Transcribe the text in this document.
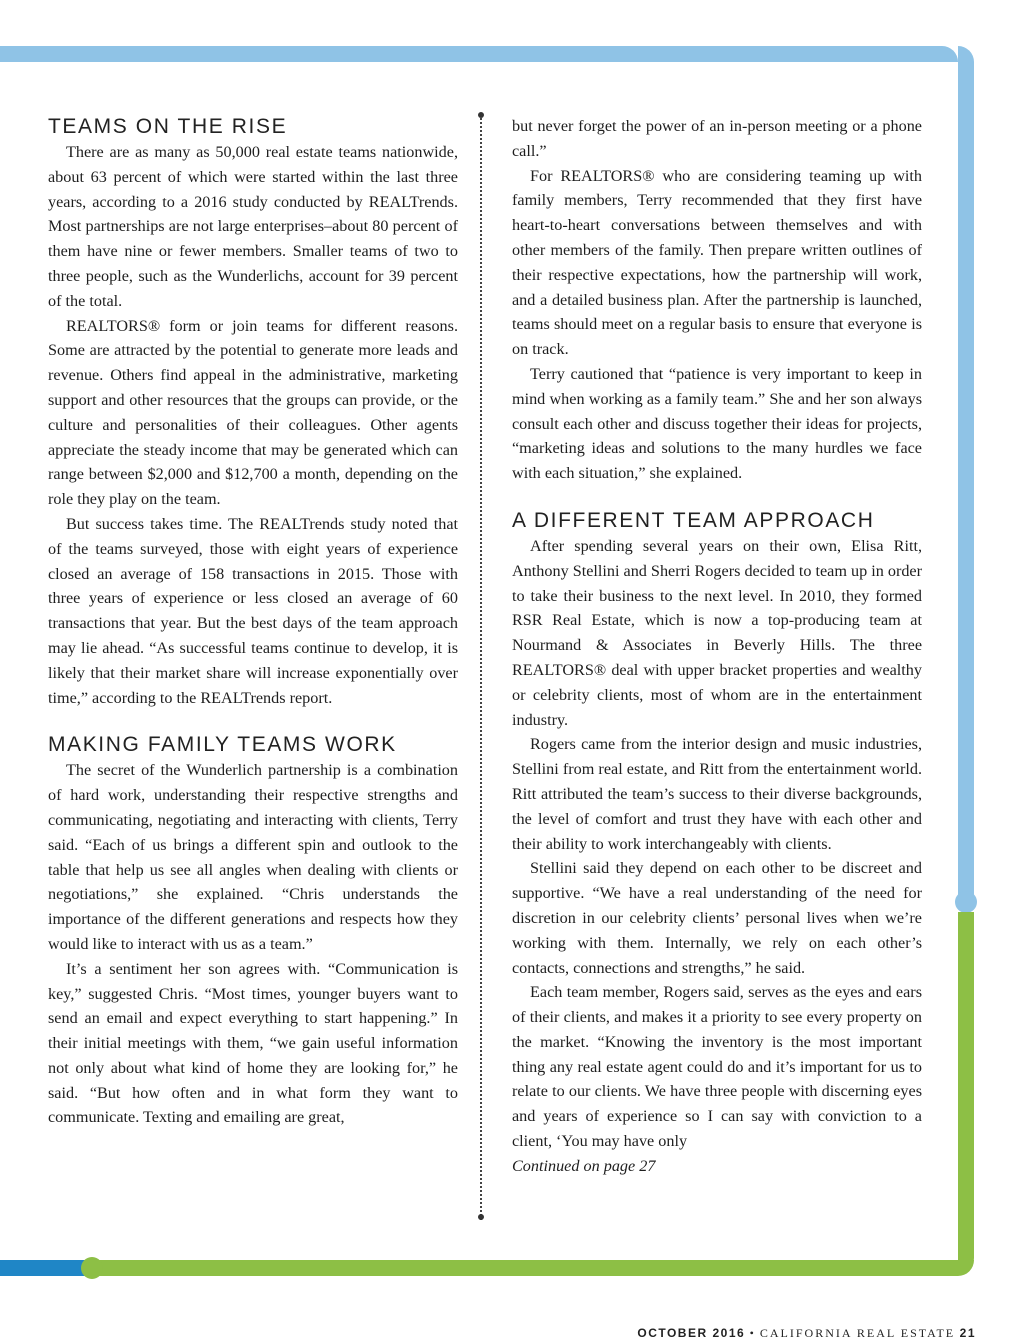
TEAMS ON THE RISE

There are as many as 50,000 real estate teams nationwide, about 63 percent of which were started within the last three years, according to a 2016 study conducted by REALTrends. Most partnerships are not large enterprises–about 80 percent of them have nine or fewer members. Smaller teams of two to three people, such as the Wunderlichs, account for 39 percent of the total.

REALTORS® form or join teams for different reasons. Some are attracted by the potential to generate more leads and revenue. Others find appeal in the administrative, marketing support and other resources that the groups can provide, or the culture and personalities of their colleagues. Other agents appreciate the steady income that may be generated which can range between $2,000 and $12,700 a month, depending on the role they play on the team.

But success takes time. The REALTrends study noted that of the teams surveyed, those with eight years of experience closed an average of 158 transactions in 2015. Those with three years of experience or less closed an average of 60 transactions that year. But the best days of the team approach may lie ahead. “As successful teams continue to develop, it is likely that their market share will increase exponentially over time,” according to the REALTrends report.

MAKING FAMILY TEAMS WORK

The secret of the Wunderlich partnership is a combination of hard work, understanding their respective strengths and communicating, negotiating and interacting with clients, Terry said. “Each of us brings a different spin and outlook to the table that help us see all angles when dealing with clients or negotiations,” she explained. “Chris understands the importance of the different generations and respects how they would like to interact with us as a team.”

It’s a sentiment her son agrees with. “Communication is key,” suggested Chris. “Most times, younger buyers want to send an email and expect everything to start happening.” In their initial meetings with them, “we gain useful information not only about what kind of home they are looking for,” he said. “But how often and in what form they want to communicate. Texting and emailing are great,

but never forget the power of an in-person meeting or a phone call.”

For REALTORS® who are considering teaming up with family members, Terry recommended that they first have heart-to-heart conversations between themselves and with other members of the family. Then prepare written outlines of their respective expectations, how the partnership will work, and a detailed business plan. After the partnership is launched, teams should meet on a regular basis to ensure that everyone is on track.

Terry cautioned that “patience is very important to keep in mind when working as a family team.” She and her son always consult each other and discuss together their ideas for projects, “marketing ideas and solutions to the many hurdles we face with each situation,” she explained.

A DIFFERENT TEAM APPROACH

After spending several years on their own, Elisa Ritt, Anthony Stellini and Sherri Rogers decided to team up in order to take their business to the next level. In 2010, they formed RSR Real Estate, which is now a top-producing team at Nourmand & Associates in Beverly Hills. The three REALTORS® deal with upper bracket properties and wealthy or celebrity clients, most of whom are in the entertainment industry.

Rogers came from the interior design and music industries, Stellini from real estate, and Ritt from the entertainment world. Ritt attributed the team’s success to their diverse backgrounds, the level of comfort and trust they have with each other and their ability to work interchangeably with clients.

Stellini said they depend on each other to be discreet and supportive. “We have a real understanding of the need for discretion in our celebrity clients’ personal lives when we’re working with them. Internally, we rely on each other’s contacts, connections and strengths,” he said.

Each team member, Rogers said, serves as the eyes and ears of their clients, and makes it a priority to see every property on the market. “Knowing the inventory is the most important thing any real estate agent could do and it’s important for us to relate to our clients. We have three people with discerning eyes and years of experience so I can say with conviction to a client, ‘You may have only

Continued on page 27

OCTOBER 2016 • CALIFORNIA REAL ESTATE 21
